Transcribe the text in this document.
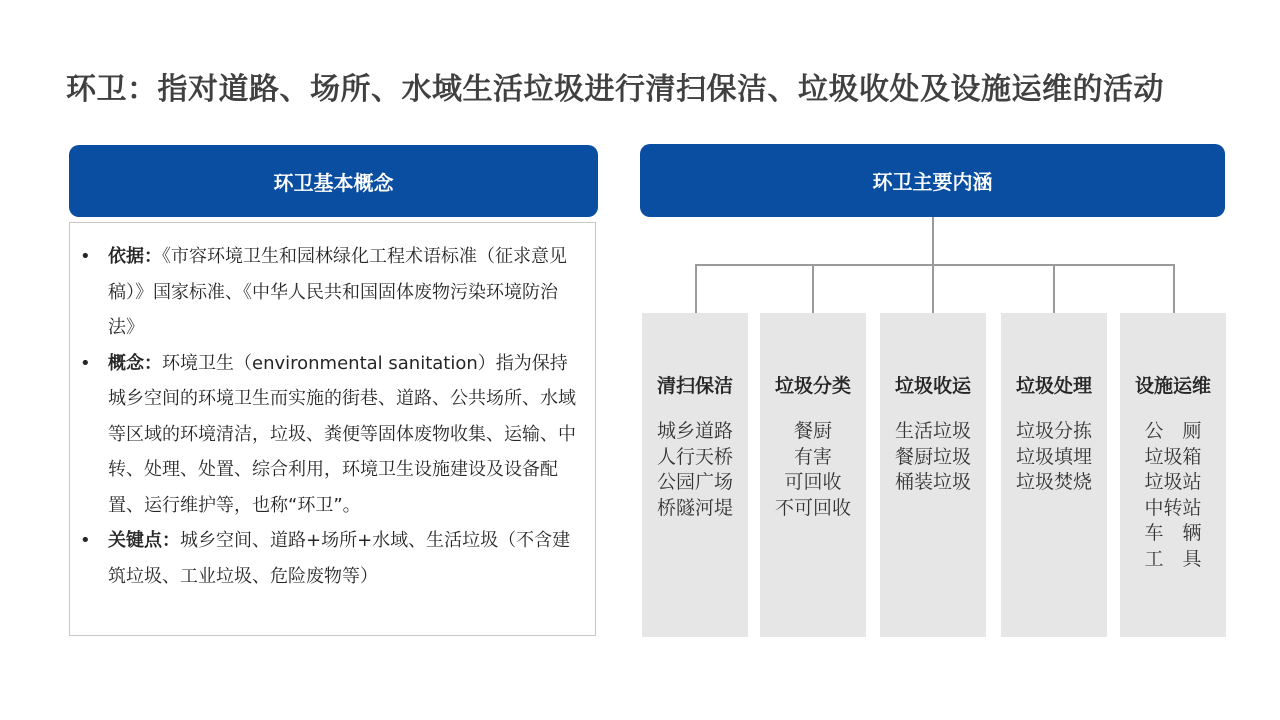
环卫：指对道路、场所、水域生活垃圾进行清扫保洁、垃圾收处及设施运维的活动
环卫基本概念
• 依据：《市容环境卫生和园林绿化工程术语标准（征求意见稿）》国家标准、《中华人民共和国固体废物污染环境防治法》
• 概念：环境卫生（environmental sanitation）指为保持城乡空间的环境卫生而实施的街巷、道路、公共场所、水域等区域的环境清洁，垃圾、粪便等固体废物收集、运输、中转、处理、处置、综合利用，环境卫生设施建设及设备配置、运行维护等，也称“环卫”。
• 关键点：城乡空间、道路+场所+水域、生活垃圾（不含建筑垃圾、工业垃圾、危险废物等）
环卫主要内涵
清扫保洁
城乡道路
人行天桥
公园广场
桥隧河堤
垃圾分类
餐厨
有害
可回收
不可回收
垃圾收运
生活垃圾
餐厨垃圾
桶装垃圾
垃圾处理
垃圾分拣
垃圾填埋
垃圾焚烧
设施运维
公　厕
垃圾箱
垃圾站
中转站
车　辆
工　具
